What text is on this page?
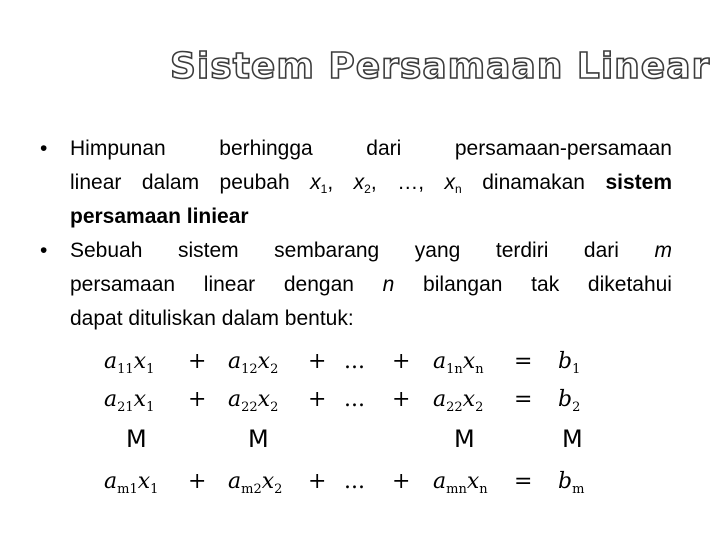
Sistem Persamaan Linear
•	Himpunan berhingga dari persamaan-persamaan
linear dalam peubah $x_1$, $x_2$, …, $x_n$ dinamakan sistem
persamaan liniear
•	Sebuah sistem sembarang yang terdiri dari m
persamaan linear dengan n bilangan tak diketahui
dapat dituliskan dalam bentuk:
$a_{11}x_1 + a_{12}x_2$ + ... + $a_{1n}x_n = b_1$
$a_{21}x_1 + a_{22}x_2$ + ... + $a_{22}x_2 = b_2$
M	M	M	M
$a_{m1}x_1 + a_{m2}x_2$ + ... + $a_{mn}x_n = b_m$
